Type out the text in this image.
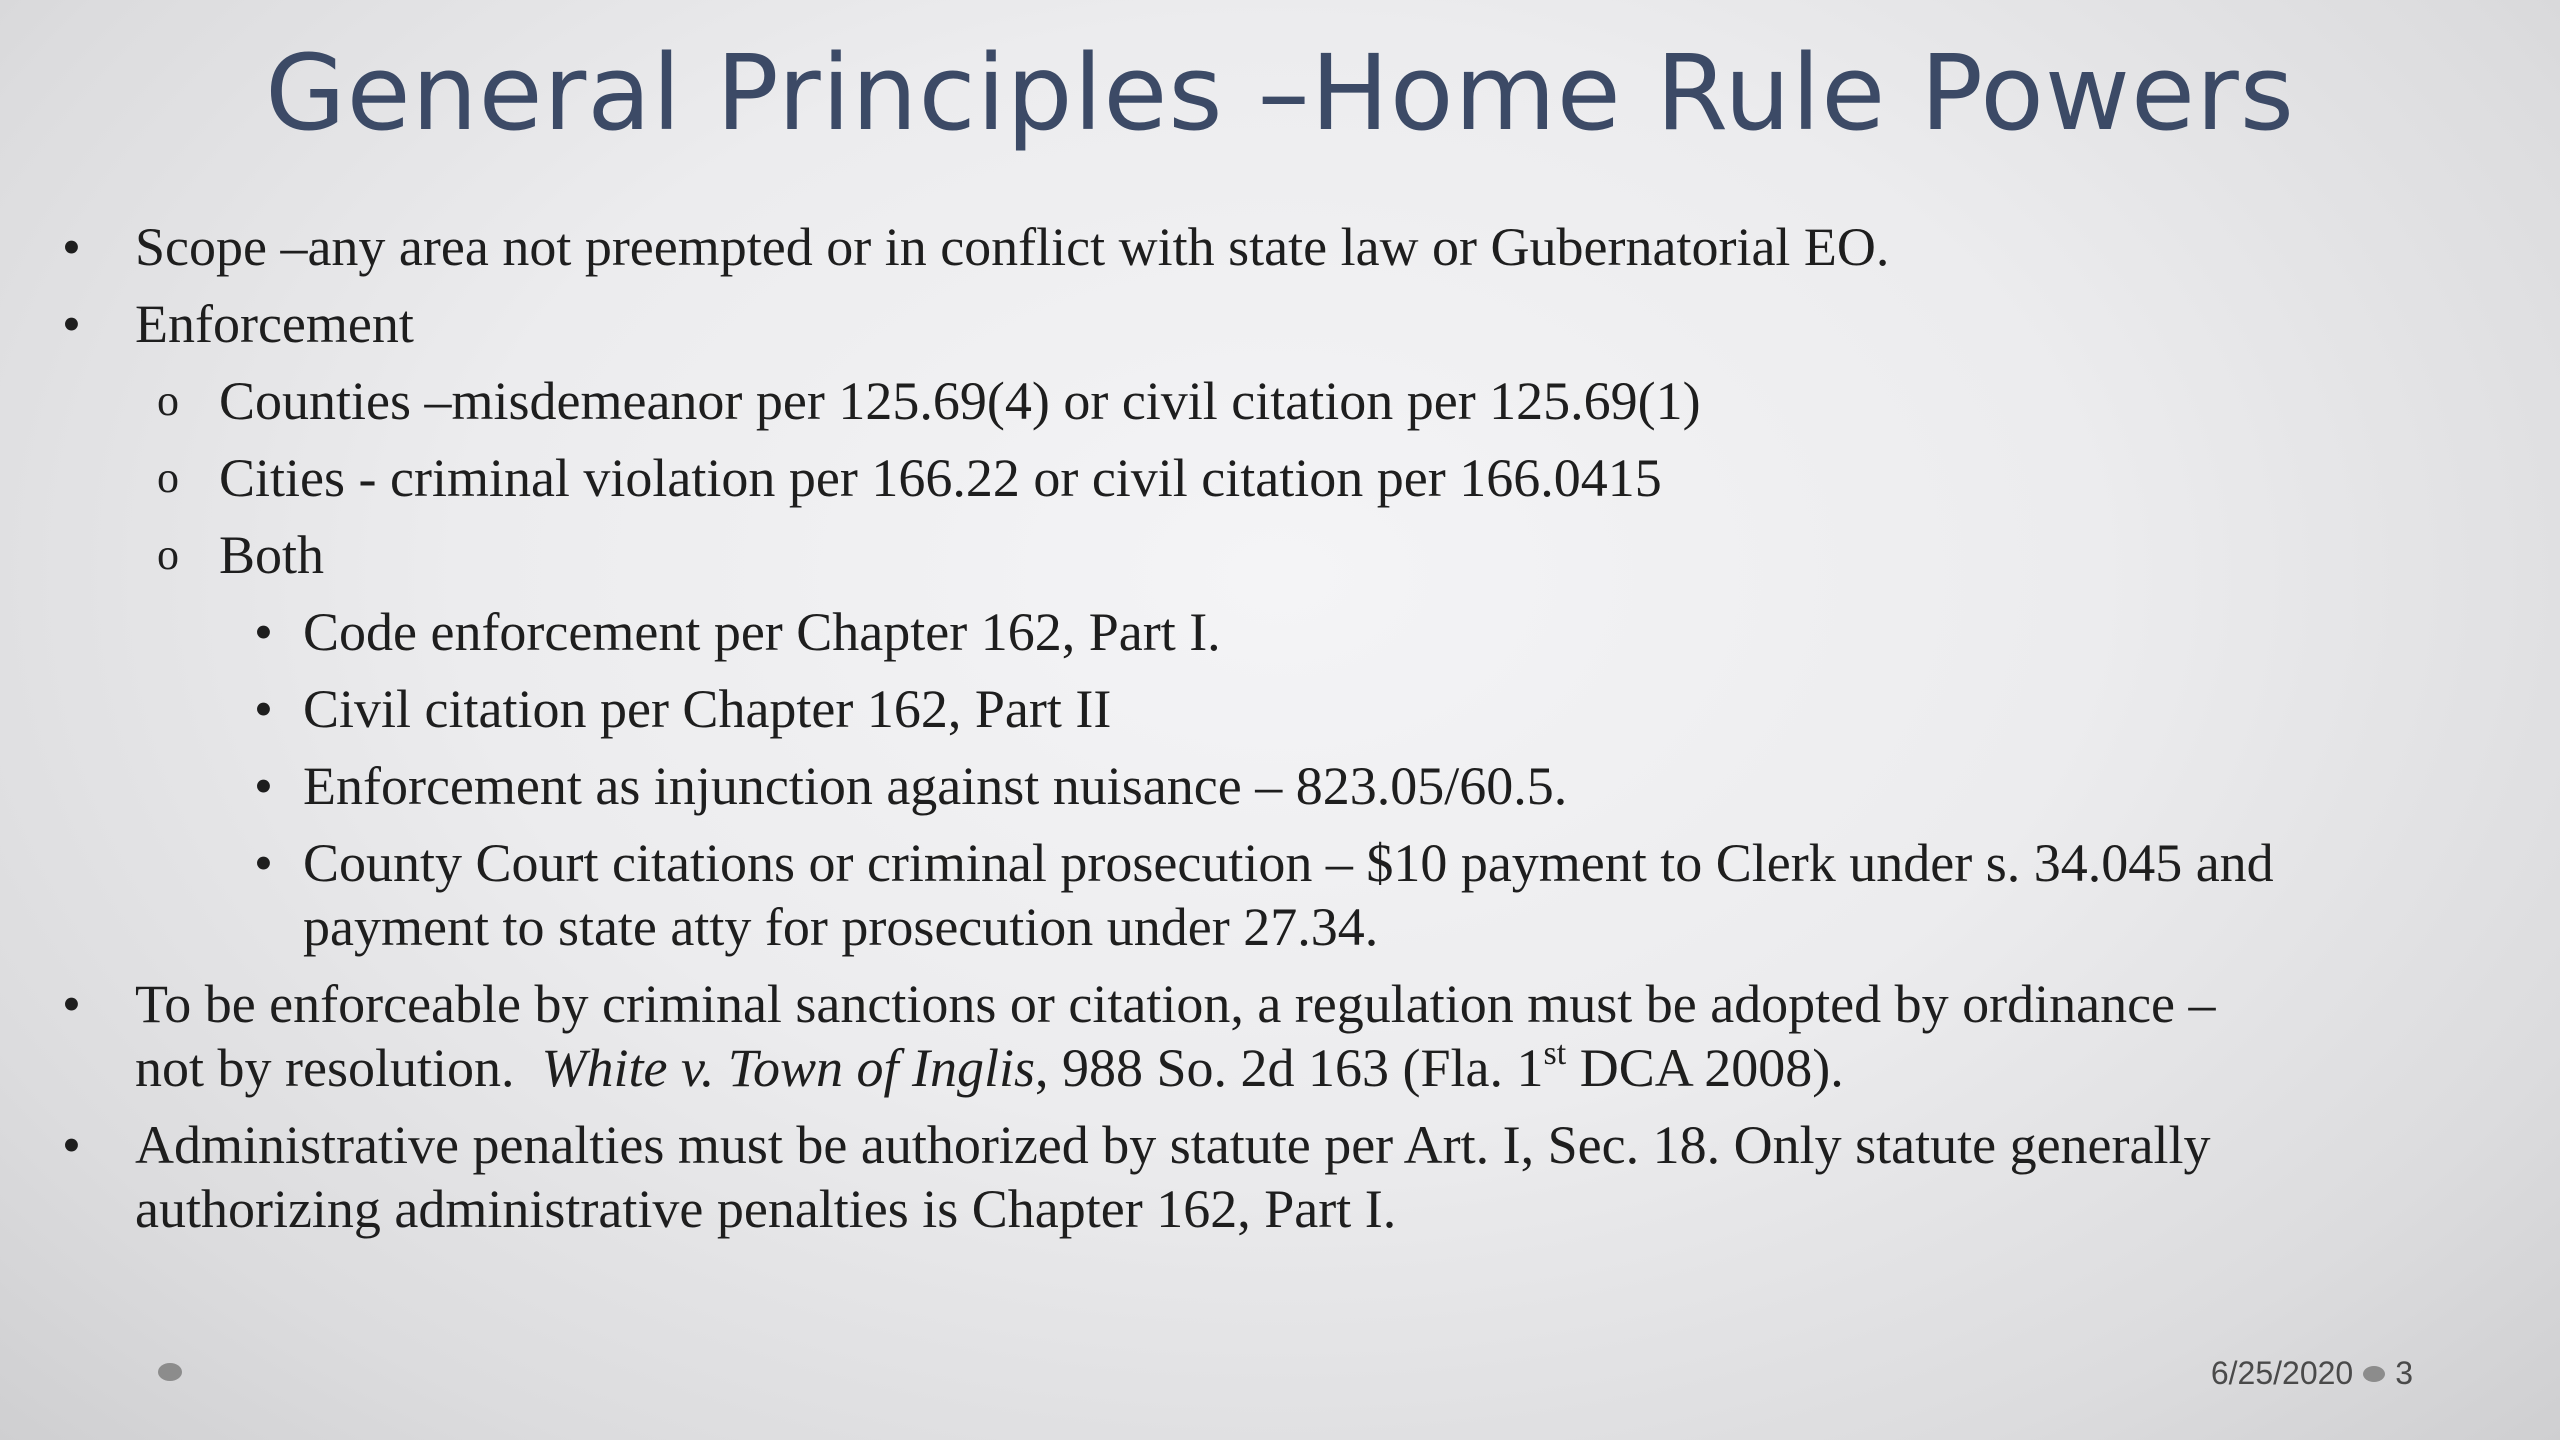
General Principles –Home Rule Powers
• Scope –any area not preempted or in conflict with state law or Gubernatorial EO.
• Enforcement
o Counties –misdemeanor per 125.69(4) or civil citation per 125.69(1)
o Cities - criminal violation per 166.22 or civil citation per 166.0415
o Both
• Code enforcement per Chapter 162, Part I.
• Civil citation per Chapter 162, Part II
• Enforcement as injunction against nuisance – 823.05/60.5.
• County Court citations or criminal prosecution – $10 payment to Clerk under s. 34.045 and
payment to state atty for prosecution under 27.34.
• To be enforceable by criminal sanctions or citation, a regulation must be adopted by ordinance –
not by resolution.  White v. Town of Inglis, 988 So. 2d 163 (Fla. 1st DCA 2008).
• Administrative penalties must be authorized by statute per Art. I, Sec. 18. Only statute generally
authorizing administrative penalties is Chapter 162, Part I.
6/25/2020 3
